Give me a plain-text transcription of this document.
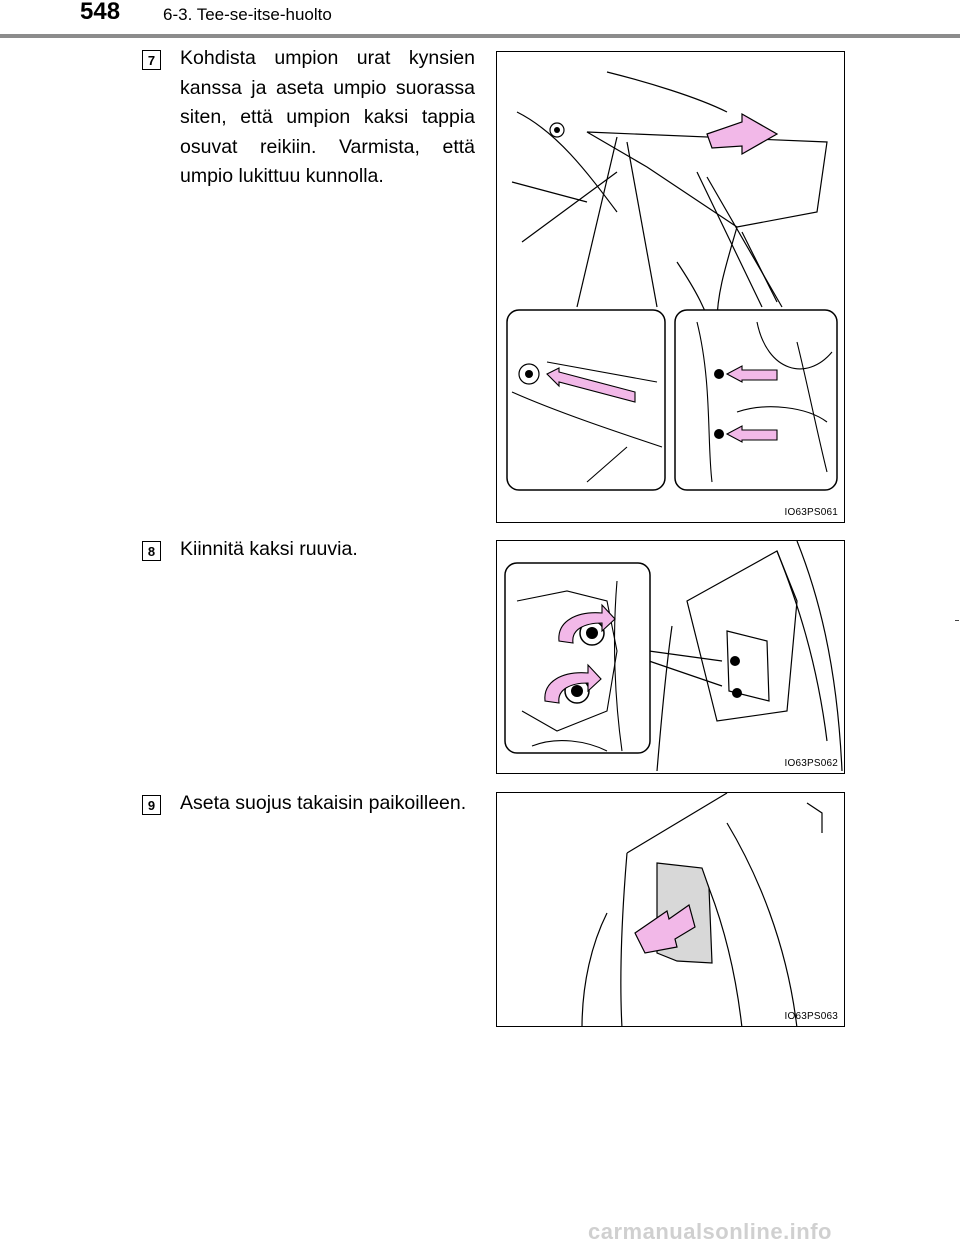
548	6-3. Tee-se-itse-huolto
7	Kohdista umpion urat kynsien kanssa ja aseta umpio suorassa siten, että umpion kaksi tappia osuvat reikiin. Varmista, että umpio lukittuu kunnolla.
IO63PS061
8	Kiinnitä kaksi ruuvia.
IO63PS062
9	Aseta suojus takaisin paikoilleen.
IO63PS063
carmanualsonline.info
